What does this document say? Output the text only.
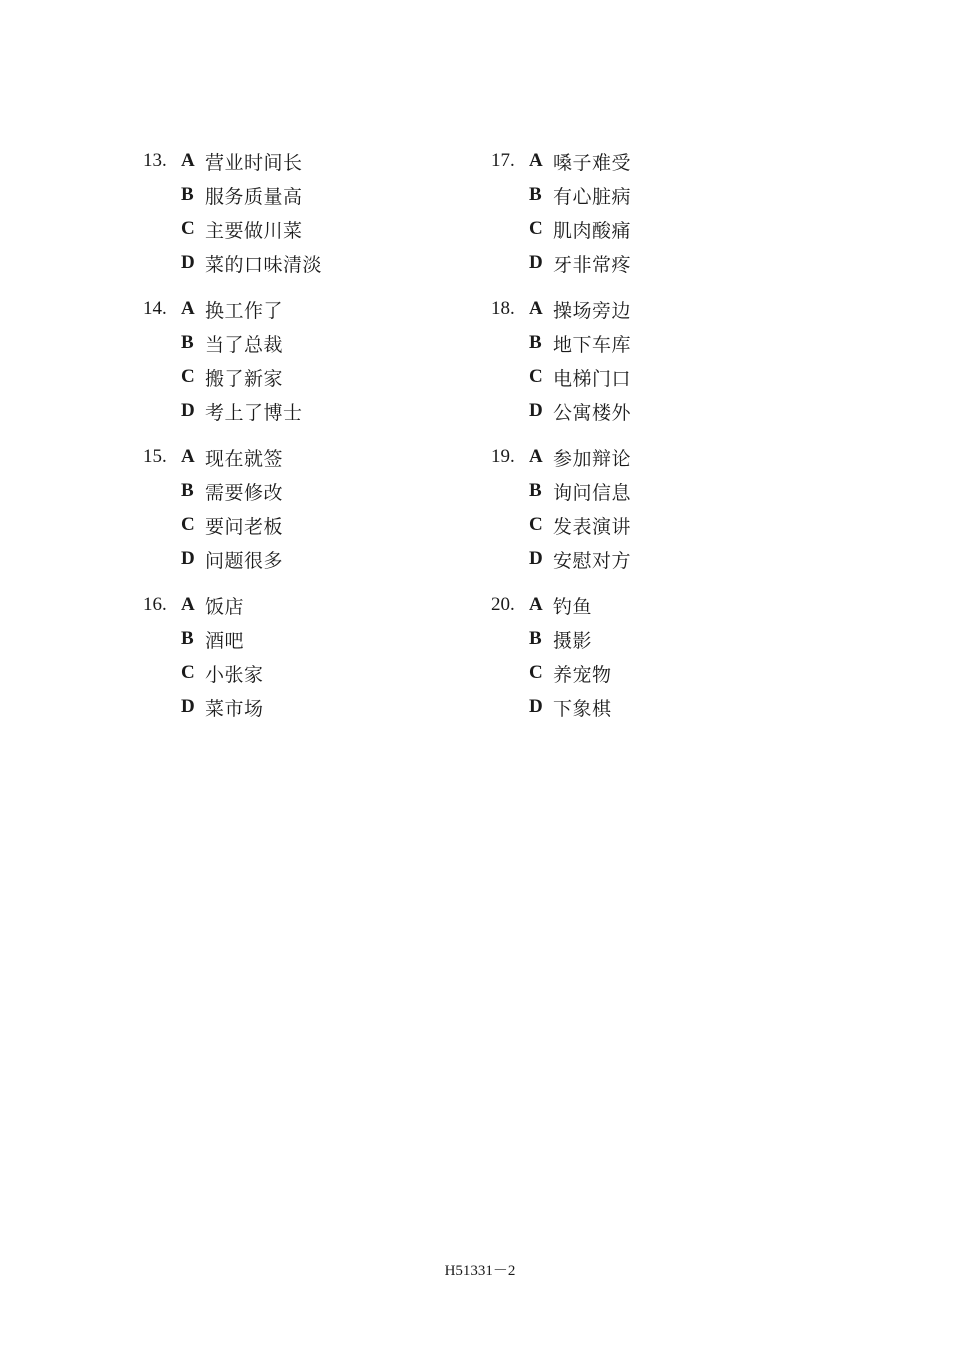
13. A 营业时间长
B 服务质量高
C 主要做川菜
D 菜的口味清淡
14. A 换工作了
B 当了总裁
C 搬了新家
D 考上了博士
15. A 现在就签
B 需要修改
C 要问老板
D 问题很多
16. A 饭店
B 酒吧
C 小张家
D 菜市场
17. A 嗓子难受
B 有心脏病
C 肌肉酸痛
D 牙非常疼
18. A 操场旁边
B 地下车库
C 电梯门口
D 公寓楼外
19. A 参加辩论
B 询问信息
C 发表演讲
D 安慰对方
20. A 钓鱼
B 摄影
C 养宠物
D 下象棋
H51331－2
